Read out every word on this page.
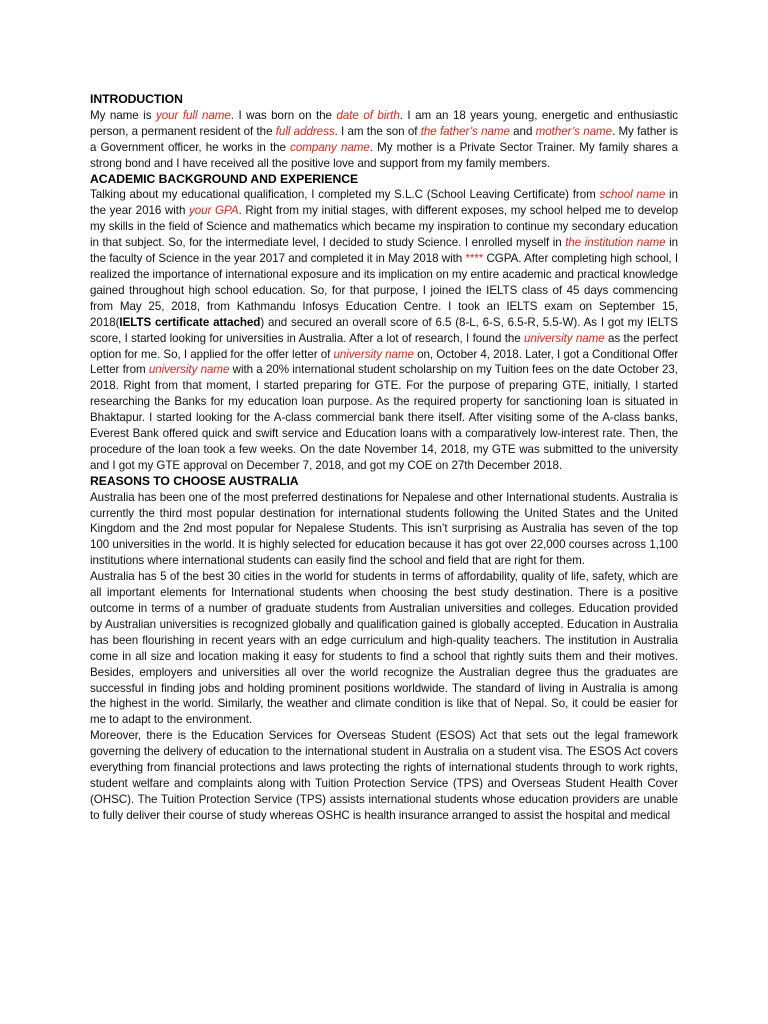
INTRODUCTION

My name is your full name. I was born on the date of birth. I am an 18 years young, energetic and enthusiastic person, a permanent resident of the full address. I am the son of the father’s name and mother’s name. My father is a Government officer, he works in the company name. My mother is a Private Sector Trainer. My family shares a strong bond and I have received all the positive love and support from my family members.

ACADEMIC BACKGROUND AND EXPERIENCE

Talking about my educational qualification, I completed my S.L.C (School Leaving Certificate) from school name in the year 2016 with your GPA. Right from my initial stages, with different exposes, my school helped me to develop my skills in the field of Science and mathematics which became my inspiration to continue my secondary education in that subject. So, for the intermediate level, I decided to study Science. I enrolled myself in the institution name in the faculty of Science in the year 2017 and completed it in May 2018 with **** CGPA. After completing high school, I realized the importance of international exposure and its implication on my entire academic and practical knowledge gained throughout high school education. So, for that purpose, I joined the IELTS class of 45 days commencing from May 25, 2018, from Kathmandu Infosys Education Centre. I took an IELTS exam on September 15, 2018(IELTS certificate attached) and secured an overall score of 6.5 (8-L, 6-S, 6.5-R, 5.5-W). As I got my IELTS score, I started looking for universities in Australia. After a lot of research, I found the university name as the perfect option for me. So, I applied for the offer letter of university name on, October 4, 2018. Later, I got a Conditional Offer Letter from university name with a 20% international student scholarship on my Tuition fees on the date October 23, 2018. Right from that moment, I started preparing for GTE. For the purpose of preparing GTE, initially, I started researching the Banks for my education loan purpose. As the required property for sanctioning loan is situated in Bhaktapur. I started looking for the A-class commercial bank there itself. After visiting some of the A-class banks, Everest Bank offered quick and swift service and Education loans with a comparatively low-interest rate. Then, the procedure of the loan took a few weeks. On the date November 14, 2018, my GTE was submitted to the university and I got my GTE approval on December 7, 2018, and got my COE on 27th December 2018.

REASONS TO CHOOSE AUSTRALIA

Australia has been one of the most preferred destinations for Nepalese and other International students. Australia is currently the third most popular destination for international students following the United States and the United Kingdom and the 2nd most popular for Nepalese Students. This isn’t surprising as Australia has seven of the top 100 universities in the world. It is highly selected for education because it has got over 22,000 courses across 1,100 institutions where international students can easily find the school and field that are right for them.

Australia has 5 of the best 30 cities in the world for students in terms of affordability, quality of life, safety, which are all important elements for International students when choosing the best study destination. There is a positive outcome in terms of a number of graduate students from Australian universities and colleges. Education provided by Australian universities is recognized globally and qualification gained is globally accepted. Education in Australia has been flourishing in recent years with an edge curriculum and high-quality teachers. The institution in Australia come in all size and location making it easy for students to find a school that rightly suits them and their motives. Besides, employers and universities all over the world recognize the Australian degree thus the graduates are successful in finding jobs and holding prominent positions worldwide. The standard of living in Australia is among the highest in the world. Similarly, the weather and climate condition is like that of Nepal. So, it could be easier for me to adapt to the environment.

Moreover, there is the Education Services for Overseas Student (ESOS) Act that sets out the legal framework governing the delivery of education to the international student in Australia on a student visa. The ESOS Act covers everything from financial protections and laws protecting the rights of international students through to work rights, student welfare and complaints along with Tuition Protection Service (TPS) and Overseas Student Health Cover (OHSC). The Tuition Protection Service (TPS) assists international students whose education providers are unable to fully deliver their course of study whereas OSHC is health insurance arranged to assist the hospital and medical
